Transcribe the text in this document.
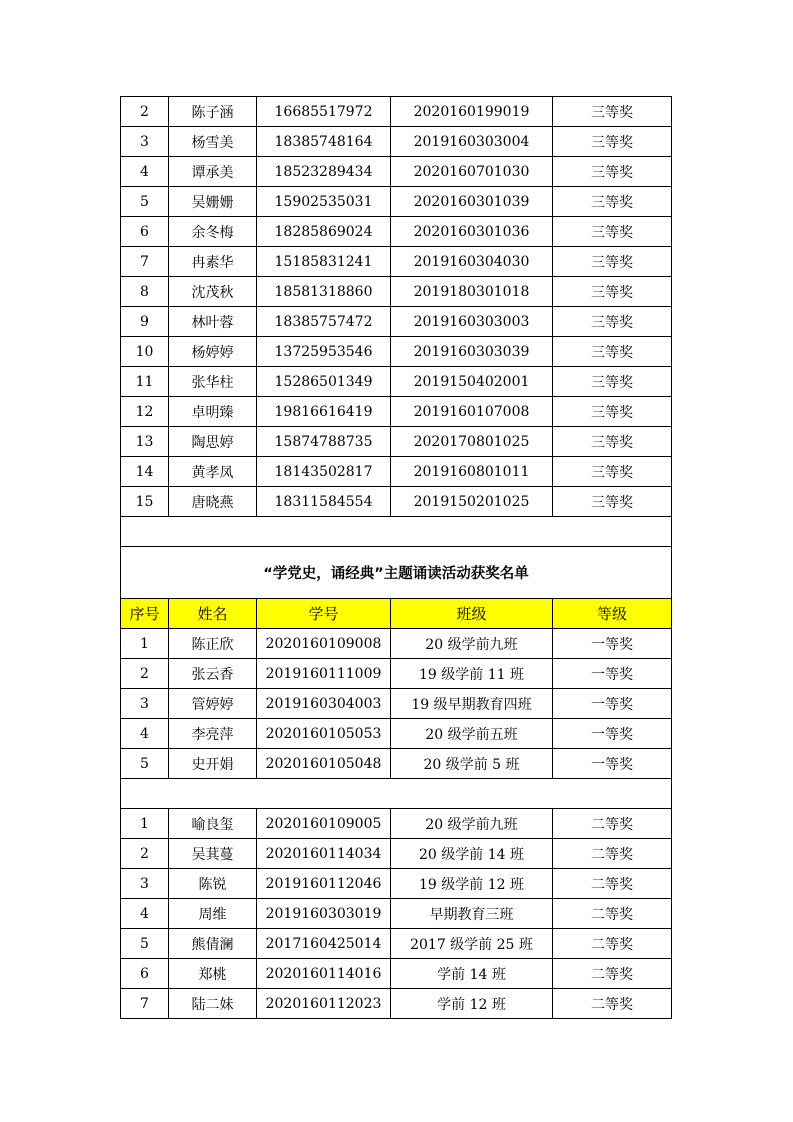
2	陈子涵	16685517972	2020160199019	三等奖
3	杨雪美	18385748164	2019160303004	三等奖
4	谭承美	18523289434	2020160701030	三等奖
5	吴姗姗	15902535031	2020160301039	三等奖
6	余冬梅	18285869024	2020160301036	三等奖
7	冉素华	15185831241	2019160304030	三等奖
8	沈茂秋	18581318860	2019180301018	三等奖
9	林叶蓉	18385757472	2019160303003	三等奖
10	杨婷婷	13725953546	2019160303039	三等奖
11	张华柱	15286501349	2019150402001	三等奖
12	卓明臻	19816616419	2019160107008	三等奖
13	陶思婷	15874788735	2020170801025	三等奖
14	黄孝凤	18143502817	2019160801011	三等奖
15	唐晓燕	18311584554	2019150201025	三等奖

“学党史，诵经典”主题诵读活动获奖名单				
序号	姓名	学号	班级	等级
1	陈正欣	2020160109008	20 级学前九班	一等奖
2	张云香	2019160111009	19 级学前 11 班	一等奖
3	管婷婷	2019160304003	19 级早期教育四班	一等奖
4	李亮萍	2020160105053	20 级学前五班	一等奖
5	史开娟	2020160105048	20 级学前 5 班	一等奖

1	喻良玺	2020160109005	20 级学前九班	二等奖
2	吴萁蔓	2020160114034	20 级学前 14 班	二等奖
3	陈锐	2019160112046	19 级学前 12 班	二等奖
4	周维	2019160303019	早期教育三班	二等奖
5	熊倩澜	2017160425014	2017 级学前 25 班	二等奖
6	郑桃	2020160114016	学前 14 班	二等奖
7	陆二妹	2020160112023	学前 12 班	二等奖
